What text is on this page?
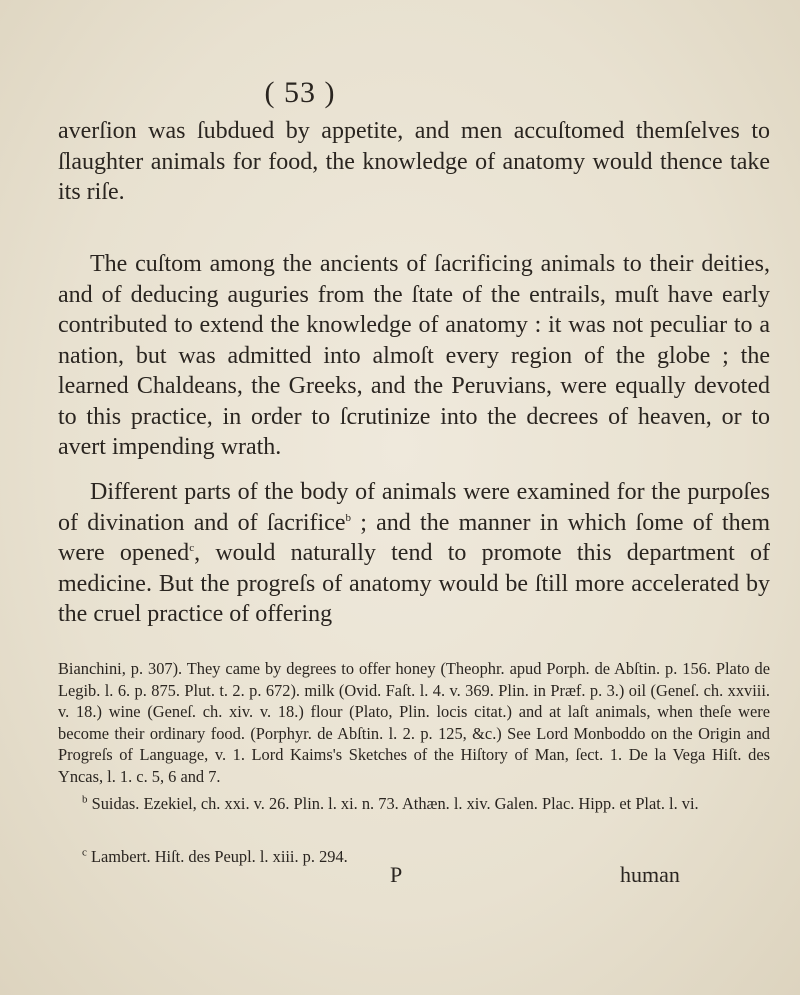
( 53 )
averſion was ſubdued by appetite, and men accuſtomed themſelves to ſlaughter animals for food, the knowledge of anatomy would thence take its riſe.
The cuſtom among the ancients of ſacrificing animals to their deities, and of deducing auguries from the ſtate of the entrails, muſt have early contributed to extend the knowledge of anatomy : it was not peculiar to a nation, but was admitted into almoſt every region of the globe ; the learned Chaldeans, the Greeks, and the Peruvians, were equally devoted to this practice, in order to ſcrutinize into the decrees of heaven, or to avert impending wrath.
Different parts of the body of animals were examined for the purpoſes of divination and of ſacrifice$^b$ ; and the manner in which ſome of them were opened$^c$, would naturally tend to promote this department of medicine. But the progreſs of anatomy would be ſtill more accelerated by the cruel practice of offering
Bianchini, p. 307). They came by degrees to offer honey (Theophr. apud Porph. de Abſtin. p. 156. Plato de Legib. l. 6. p. 875. Plut. t. 2. p. 672). milk (Ovid. Faſt. l. 4. v. 369. Plin. in Præf. p. 3.) oil (Geneſ. ch. xxviii. v. 18.) wine (Geneſ. ch. xiv. v. 18.) flour (Plato, Plin. locis citat.) and at laſt animals, when theſe were become their ordinary food. (Porphyr. de Abſtin. l. 2. p. 125, &c.) See Lord Monboddo on the Origin and Progreſs of Language, v. 1. Lord Kaims's Sketches of the Hiſtory of Man, ſect. 1. De la Vega Hiſt. des Yncas, l. 1. c. 5, 6 and 7.
$^b$ Suidas. Ezekiel, ch. xxi. v. 26. Plin. l. xi. n. 73. Athæn. l. xiv. Galen. Plac. Hipp. et Plat. l. vi.
$^c$ Lambert. Hiſt. des Peupl. l. xiii. p. 294.
P	human
